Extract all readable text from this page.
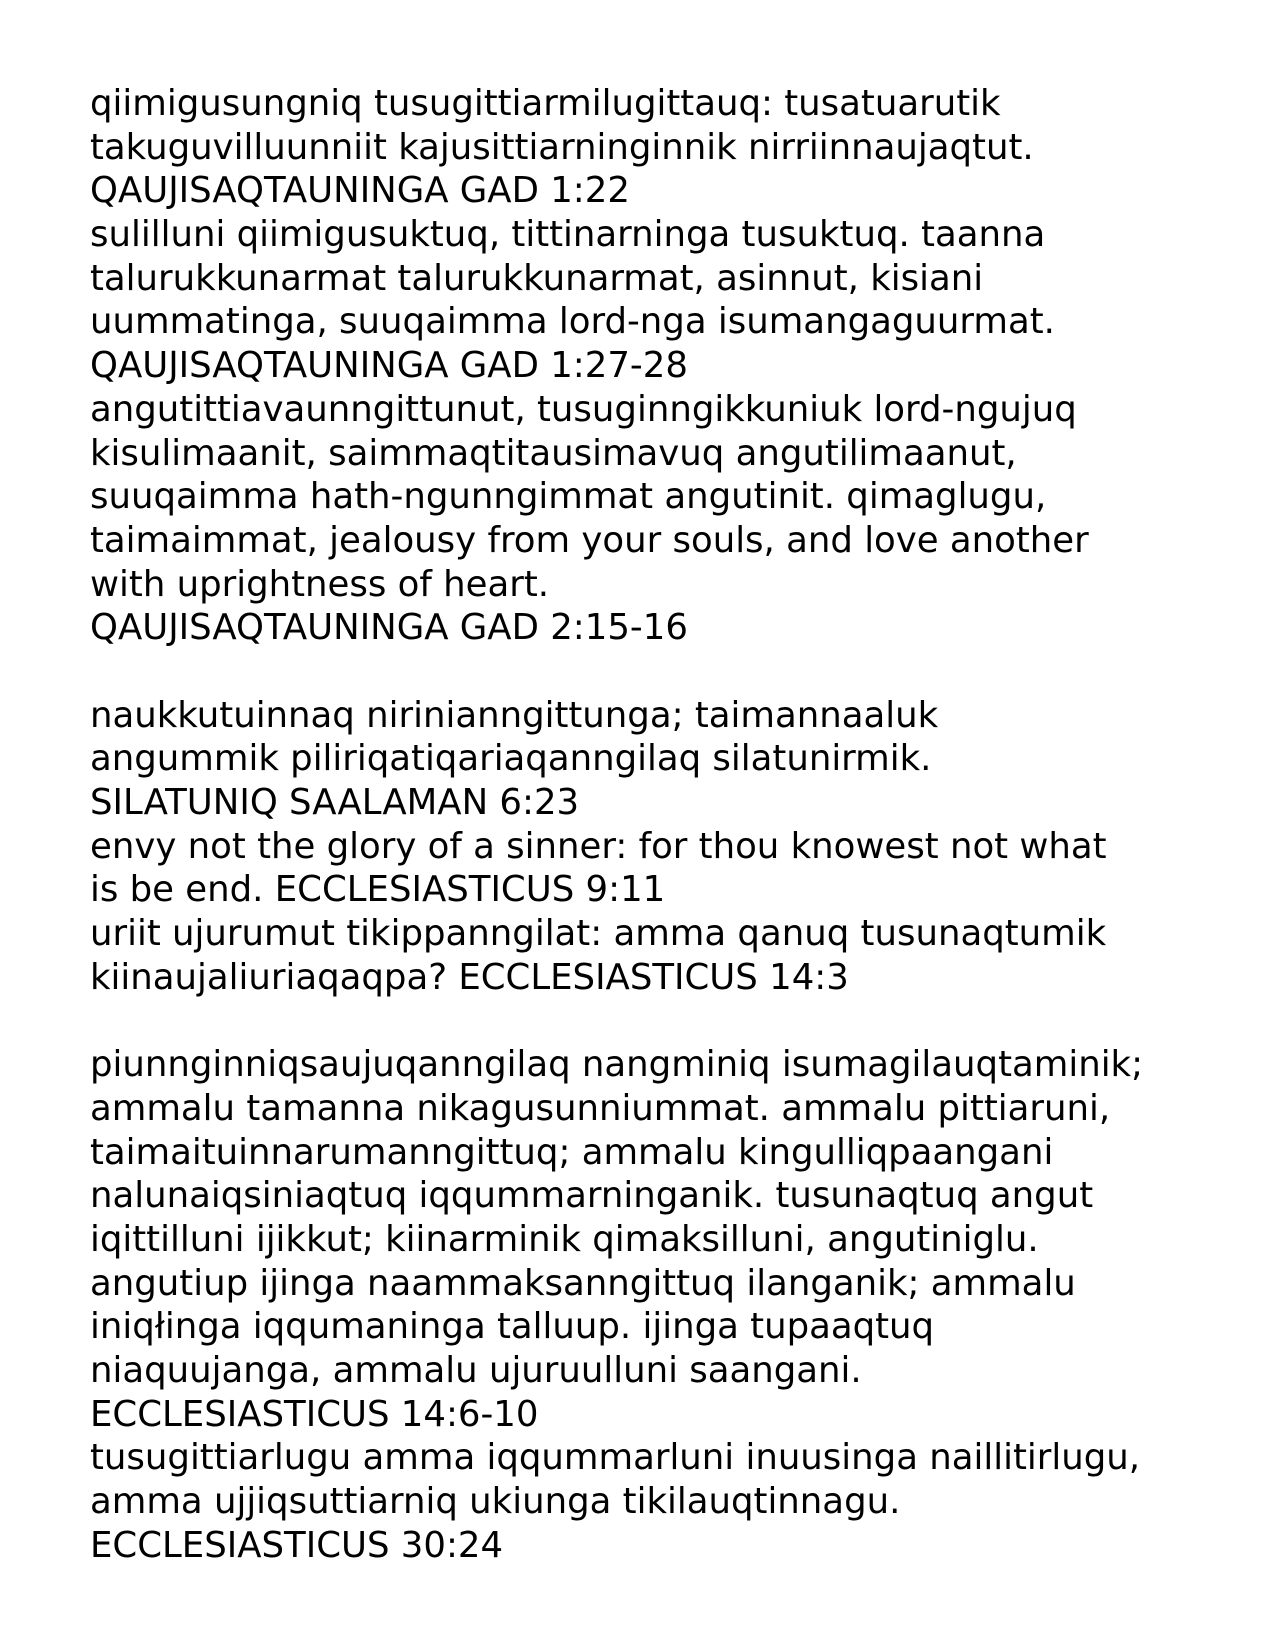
qiimigusungniq tusugittiarmilugittauq: tusatuarutik
takuguvilluunniit kajusittiarninginnik nirriinnaujaqtut.
QAUJISAQTAUNINGA GAD 1:22
sulilluni qiimigusuktuq, tittinarninga tusuktuq. taanna
talurukkunarmat talurukkunarmat, asinnut, kisiani
uummatinga, suuqaimma lord-nga isumangaguurmat.
QAUJISAQTAUNINGA GAD 1:27-28
angutittiavaunngittunut, tusuginngikkuniuk lord-ngujuq
kisulimaanit, saimmaqtitausimavuq angutilimaanut,
suuqaimma hath-ngunngimmat angutinit. qimaglugu,
taimaimmat, jealousy from your souls, and love another
with uprightness of heart.
QAUJISAQTAUNINGA GAD 2:15-16
naukkutuinnaq nirinianngittunga; taimannaaluk
angummik piliriqatiqariaqanngilaq silatunirmik.
SILATUNIQ SAALAMAN 6:23
envy not the glory of a sinner: for thou knowest not what
is be end. ECCLESIASTICUS 9:11
uriit ujurumut tikippanngilat: amma qanuq tusunaqtumik
kiinaujaliuriaqaqpa? ECCLESIASTICUS 14:3
piunnginniqsaujuqanngilaq nangminiq isumagilauqtaminik;
ammalu tamanna nikagusunniummat. ammalu pittiaruni,
taimaituinnarumanngittuq; ammalu kingulliqpaangani
nalunaiqsiniaqtuq iqqummarninganik. tusunaqtuq angut
iqittilluni ijikkut; kiinarminik qimaksilluni, angutiniglu.
angutiup ijinga naammaksanngittuq ilanganik; ammalu
iniqłinga iqqumaninga talluup. ijinga tupaaqtuq
niaquujanga, ammalu ujuruulluni saangani.
ECCLESIASTICUS 14:6-10
tusugittiarlugu amma iqqummarluni inuusinga naillitirlugu,
amma ujjiqsuttiarniq ukiunga tikilauqtinnagu.
ECCLESIASTICUS 30:24
